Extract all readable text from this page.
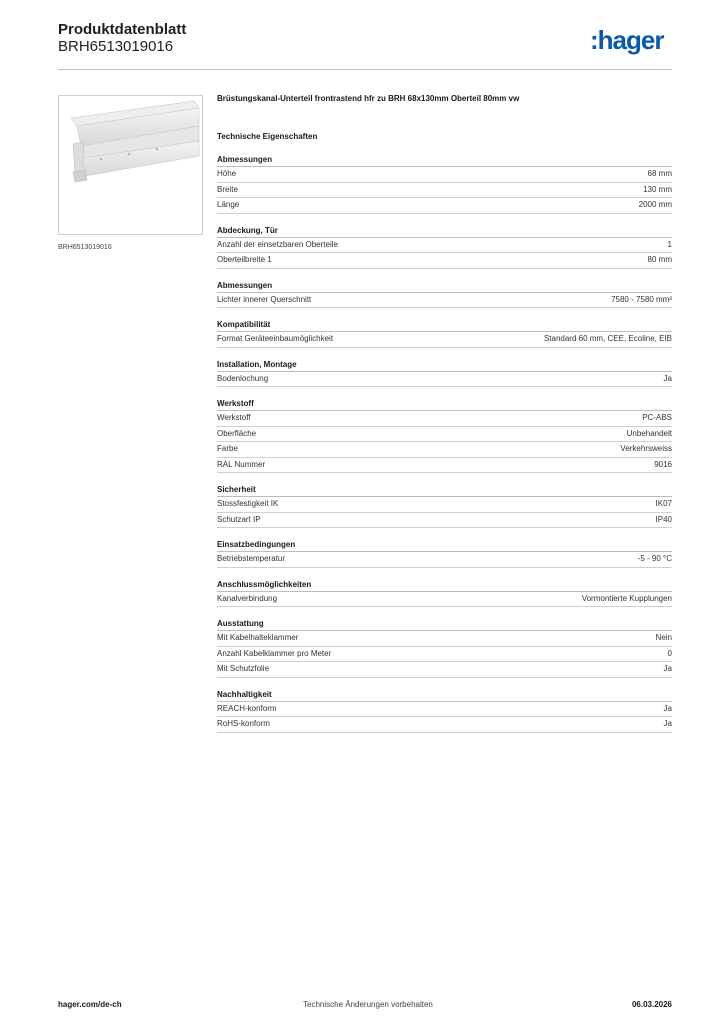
Produktdatenblatt
BRH6513019016	:hager
BRH6513019016
Brüstungskanal-Unterteil frontrastend hfr zu BRH 68x130mm Oberteil 80mm vw
Technische Eigenschaften
Abmessungen
Höhe	68 mm
Breite	130 mm
Länge	2000 mm
Abdeckung, Tür
Anzahl der einsetzbaren Oberteile	1
Oberteilbreite 1	80 mm
Abmessungen
Lichter innerer Querschnitt	7580 - 7580 mm²
Kompatibilität
Format Geräteeinbaumöglichkeit	Standard 60 mm, CEE, Ecoline, EIB
Installation, Montage
Bodenlochung	Ja
Werkstoff
Werkstoff	PC-ABS
Oberfläche	Unbehandelt
Farbe	Verkehrsweiss
RAL Nummer	9016
Sicherheit
Stossfestigkeit IK	IK07
Schutzart IP	IP40
Einsatzbedingungen
Betriebstemperatur	-5 - 90 °C
Anschlussmöglichkeiten
Kanalverbindung	Vormontierte Kupplungen
Ausstattung
Mit Kabelhalteklammer	Nein
Anzahl Kabelklammer pro Meter	0
Mit Schutzfolie	Ja
Nachhaltigkeit
REACH-konform	Ja
RoHS-konform	Ja
hager.com/de-ch	Technische Änderungen vorbehalten	06.03.2026
